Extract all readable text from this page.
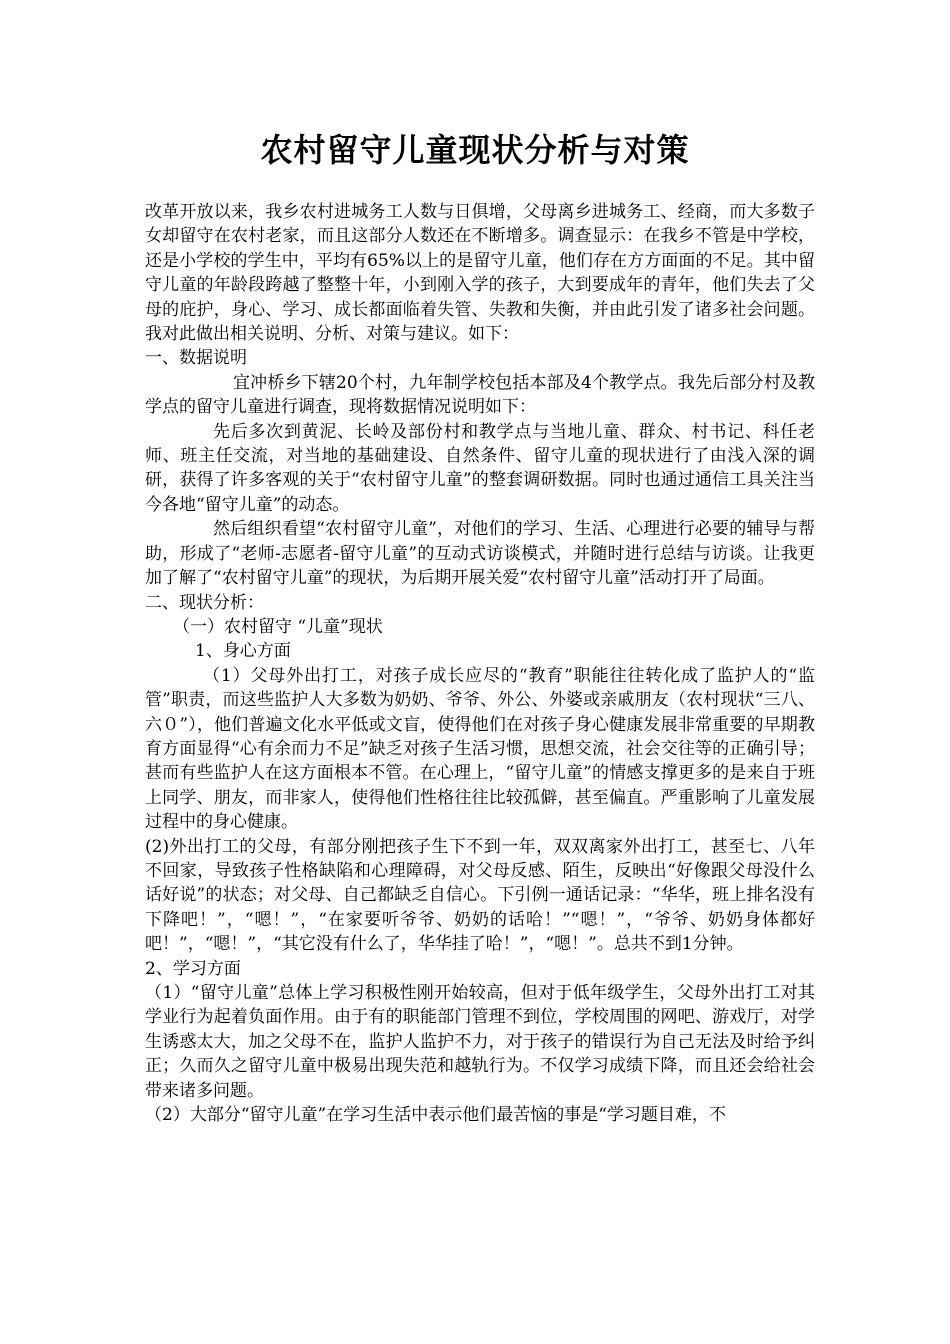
农村留守儿童现状分析与对策

改革开放以来，我乡农村进城务工人数与日俱增，父母离乡进城务工、经商，而大多数子女却留守在农村老家，而且这部分人数还在不断增多。调查显示：在我乡不管是中学校，还是小学校的学生中，平均有65%以上的是留守儿童，他们存在方方面面的不足。其中留守儿童的年龄段跨越了整整十年，小到刚入学的孩子，大到要成年的青年，他们失去了父母的庇护，身心、学习、成长都面临着失管、失教和失衡，并由此引发了诸多社会问题。我对此做出相关说明、分析、对策与建议。如下：

一、数据说明

宜冲桥乡下辖20个村，九年制学校包括本部及4个教学点。我先后部分村及教学点的留守儿童进行调查，现将数据情况说明如下：

先后多次到黄泥、长岭及部份村和教学点与当地儿童、群众、村书记、科任老师、班主任交流，对当地的基础建设、自然条件、留守儿童的现状进行了由浅入深的调研，获得了许多客观的关于“农村留守儿童”的整套调研数据。同时也通过通信工具关注当今各地“留守儿童”的动态。

然后组织看望“农村留守儿童”，对他们的学习、生活、心理进行必要的辅导与帮助，形成了“老师-志愿者-留守儿童”的互动式访谈模式，并随时进行总结与访谈。让我更加了解了“农村留守儿童”的现状，为后期开展关爱“农村留守儿童”活动打开了局面。

二、现状分析：

（一）农村留守 “儿童”现状

1、身心方面

（1）父母外出打工，对孩子成长应尽的“教育”职能往往转化成了监护人的“监管”职责，而这些监护人大多数为奶奶、爷爷、外公、外婆或亲戚朋友（农村现状“三八、六０”），他们普遍文化水平低或文盲，使得他们在对孩子身心健康发展非常重要的早期教育方面显得“心有余而力不足”缺乏对孩子生活习惯，思想交流，社会交往等的正确引导；甚而有些监护人在这方面根本不管。在心理上，“留守儿童”的情感支撑更多的是来自于班上同学、朋友，而非家人，使得他们性格往往比较孤僻，甚至偏直。严重影响了儿童发展过程中的身心健康。

(2)外出打工的父母，有部分刚把孩子生下不到一年，双双离家外出打工，甚至七、八年不回家，导致孩子性格缺陷和心理障碍，对父母反感、陌生，反映出“好像跟父母没什么话好说”的状态；对父母、自己都缺乏自信心。下引例一通话记录：“华华，班上排名没有下降吧！”，“嗯！”，“在家要听爷爷、奶奶的话哈！”“嗯！”，“爷爷、奶奶身体都好吧！”，“嗯！”，“其它没有什么了，华华挂了哈！”，“嗯！”。总共不到1分钟。

2、学习方面

（1）“留守儿童”总体上学习积极性刚开始较高，但对于低年级学生，父母外出打工对其学业行为起着负面作用。由于有的职能部门管理不到位，学校周围的网吧、游戏厅，对学生诱惑太大，加之父母不在，监护人监护不力，对于孩子的错误行为自己无法及时给予纠正；久而久之留守儿童中极易出现失范和越轨行为。不仅学习成绩下降，而且还会给社会带来诸多问题。

（2）大部分“留守儿童”在学习生活中表示他们最苦恼的事是“学习题目难，不
